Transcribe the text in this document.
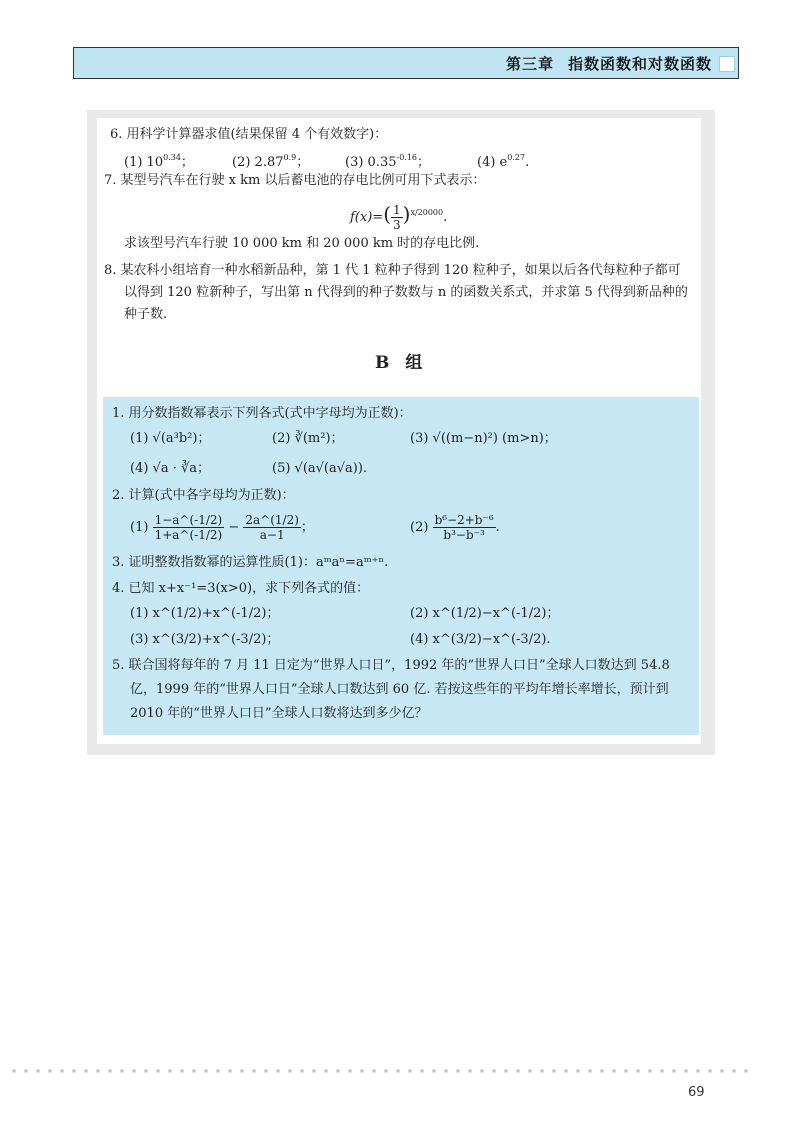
第三章 指数函数和对数函数
6. 用科学计算器求值(结果保留 4 个有效数字)：
(1) $10^{0.34}$；	(2) $2.87^{0.9}$；	(3) $0.35^{-0.16}$；	(4) $e^{0.27}$.
7. 某型号汽车在行驶 x km 以后蓄电池的存电比例可用下式表示：
$f(x)=( \frac{1}{3} )^{x/20000}$.
求该型号汽车行驶 10 000 km 和 20 000 km 时的存电比例.
8. 某农科小组培育一种水稻新品种，第 1 代 1 粒种子得到 120 粒种子，如果以后各代每粒种子都可
以得到 120 粒新种子，写出第 n 代得到的种子数数与 n 的函数关系式，并求第 5 代得到新品种的
种子数.
B组
1. 用分数指数幂表示下列各式(式中字母均为正数)：
(1) √(a³b²)；	(2) ∛(m²)；	(3) √((m−n)²) (m>n)；
(4) √a · ∛a；	(5) √(a√(a√a)).
2. 计算(式中各字母均为正数)：
$(1) \frac{1-a\^{}(-1/2)}{1+a\^{}(-1/2)} - \frac{2a\^{}(1/2)}{a-1}$ ；	$(2) \frac{\text{b⁶−2+b⁻⁶}}{\text{b³−b⁻³}}$ .
3. 证明整数指数幂的运算性质(1)：aᵐaⁿ=aᵐ⁺ⁿ.
4. 已知 x+x⁻¹=3(x>0)，求下列各式的值：
(1) x^(1/2)+x^(-1/2)；	(2) x^(1/2)−x^(-1/2)；
(3) x^(3/2)+x^(-3/2)；	(4) x^(3/2)−x^(-3/2).
5. 联合国将每年的 7 月 11 日定为“世界人口日”，1992 年的“世界人口日”全球人口数达到 54.8
亿，1999 年的“世界人口日”全球人口数达到 60 亿. 若按这些年的平均年增长率增长，预计到
2010 年的“世界人口日”全球人口数将达到多少亿？
69
